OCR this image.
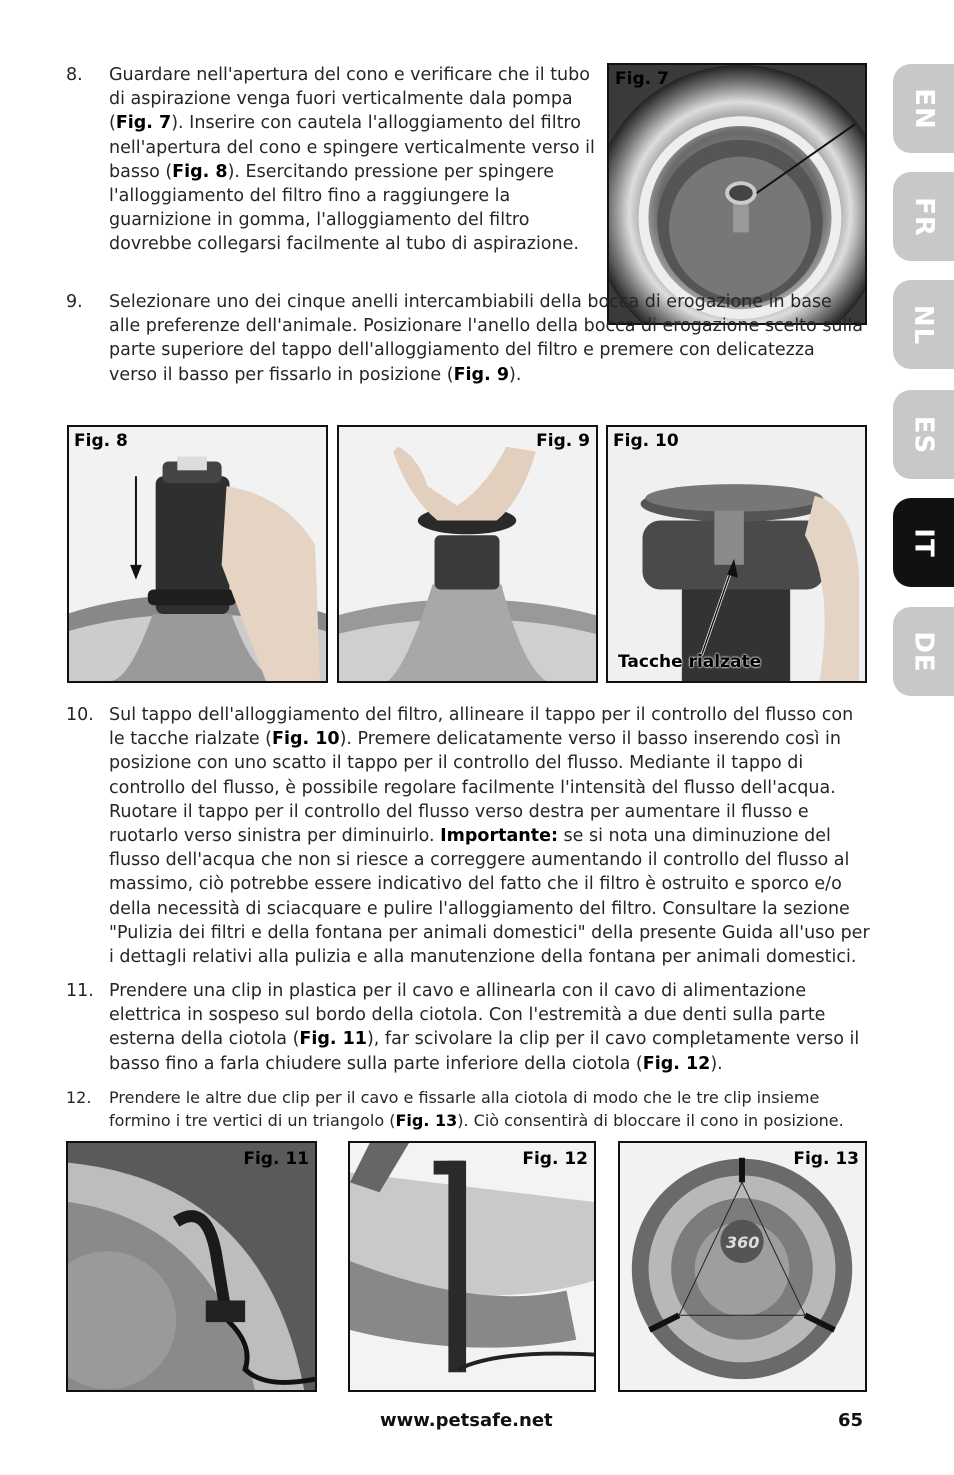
8. Guardare nell'apertura del cono e verificare che il tubo di aspirazione venga fuori verticalmente dala pompa (Fig. 7). Inserire con cautela l'alloggiamento del filtro nell'apertura del cono e spingere verticalmente verso il basso (Fig. 8). Esercitando pressione per spingere l'alloggiamento del filtro fino a raggiungere la guarnizione in gomma, l'alloggiamento del filtro dovrebbe collegarsi facilmente al tubo di aspirazione.
Fig. 7
9. Selezionare uno dei cinque anelli intercambiabili della bocca di erogazione in base alle preferenze dell'animale. Posizionare l'anello della bocca di erogazione scelto sulla parte superiore del tappo dell'alloggiamento del filtro e premere con delicatezza verso il basso per fissarlo in posizione (Fig. 9).
Fig. 8	Fig. 9 Fig. 10
Tacche rialzate
10. Sul tappo dell'alloggiamento del filtro, allineare il tappo per il controllo del flusso con le tacche rialzate (Fig. 10). Premere delicatamente verso il basso inserendo così in posizione con uno scatto il tappo per il controllo del flusso. Mediante il tappo di controllo del flusso, è possibile regolare facilmente l'intensità del flusso dell'acqua. Ruotare il tappo per il controllo del flusso verso destra per aumentare il flusso e ruotarlo verso sinistra per diminuirlo. Importante: se si nota una diminuzione del flusso dell'acqua che non si riesce a correggere aumentando il controllo del flusso al massimo, ciò potrebbe essere indicativo del fatto che il filtro è ostruito e sporco e/o della necessità di sciacquare e pulire l'alloggiamento del filtro. Consultare la sezione "Pulizia dei filtri e della fontana per animali domestici" della presente Guida all'uso per i dettagli relativi alla pulizia e alla manutenzione della fontana per animali domestici.
11. Prendere una clip in plastica per il cavo e allinearla con il cavo di alimentazione elettrica in sospeso sul bordo della ciotola. Con l'estremità a due denti sulla parte esterna della ciotola (Fig. 11), far scivolare la clip per il cavo completamente verso il basso fino a farla chiudere sulla parte inferiore della ciotola (Fig. 12).
12. Prendere le altre due clip per il cavo e fissarle alla ciotola di modo che le tre clip insieme formino i tre vertici di un triangolo (Fig. 13). Ciò consentirà di bloccare il cono in posizione.
Fig. 11	Fig. 12
360
Fig. 13
EN
FR
NL
ES
IT
DE
www.petsafe.net	65
